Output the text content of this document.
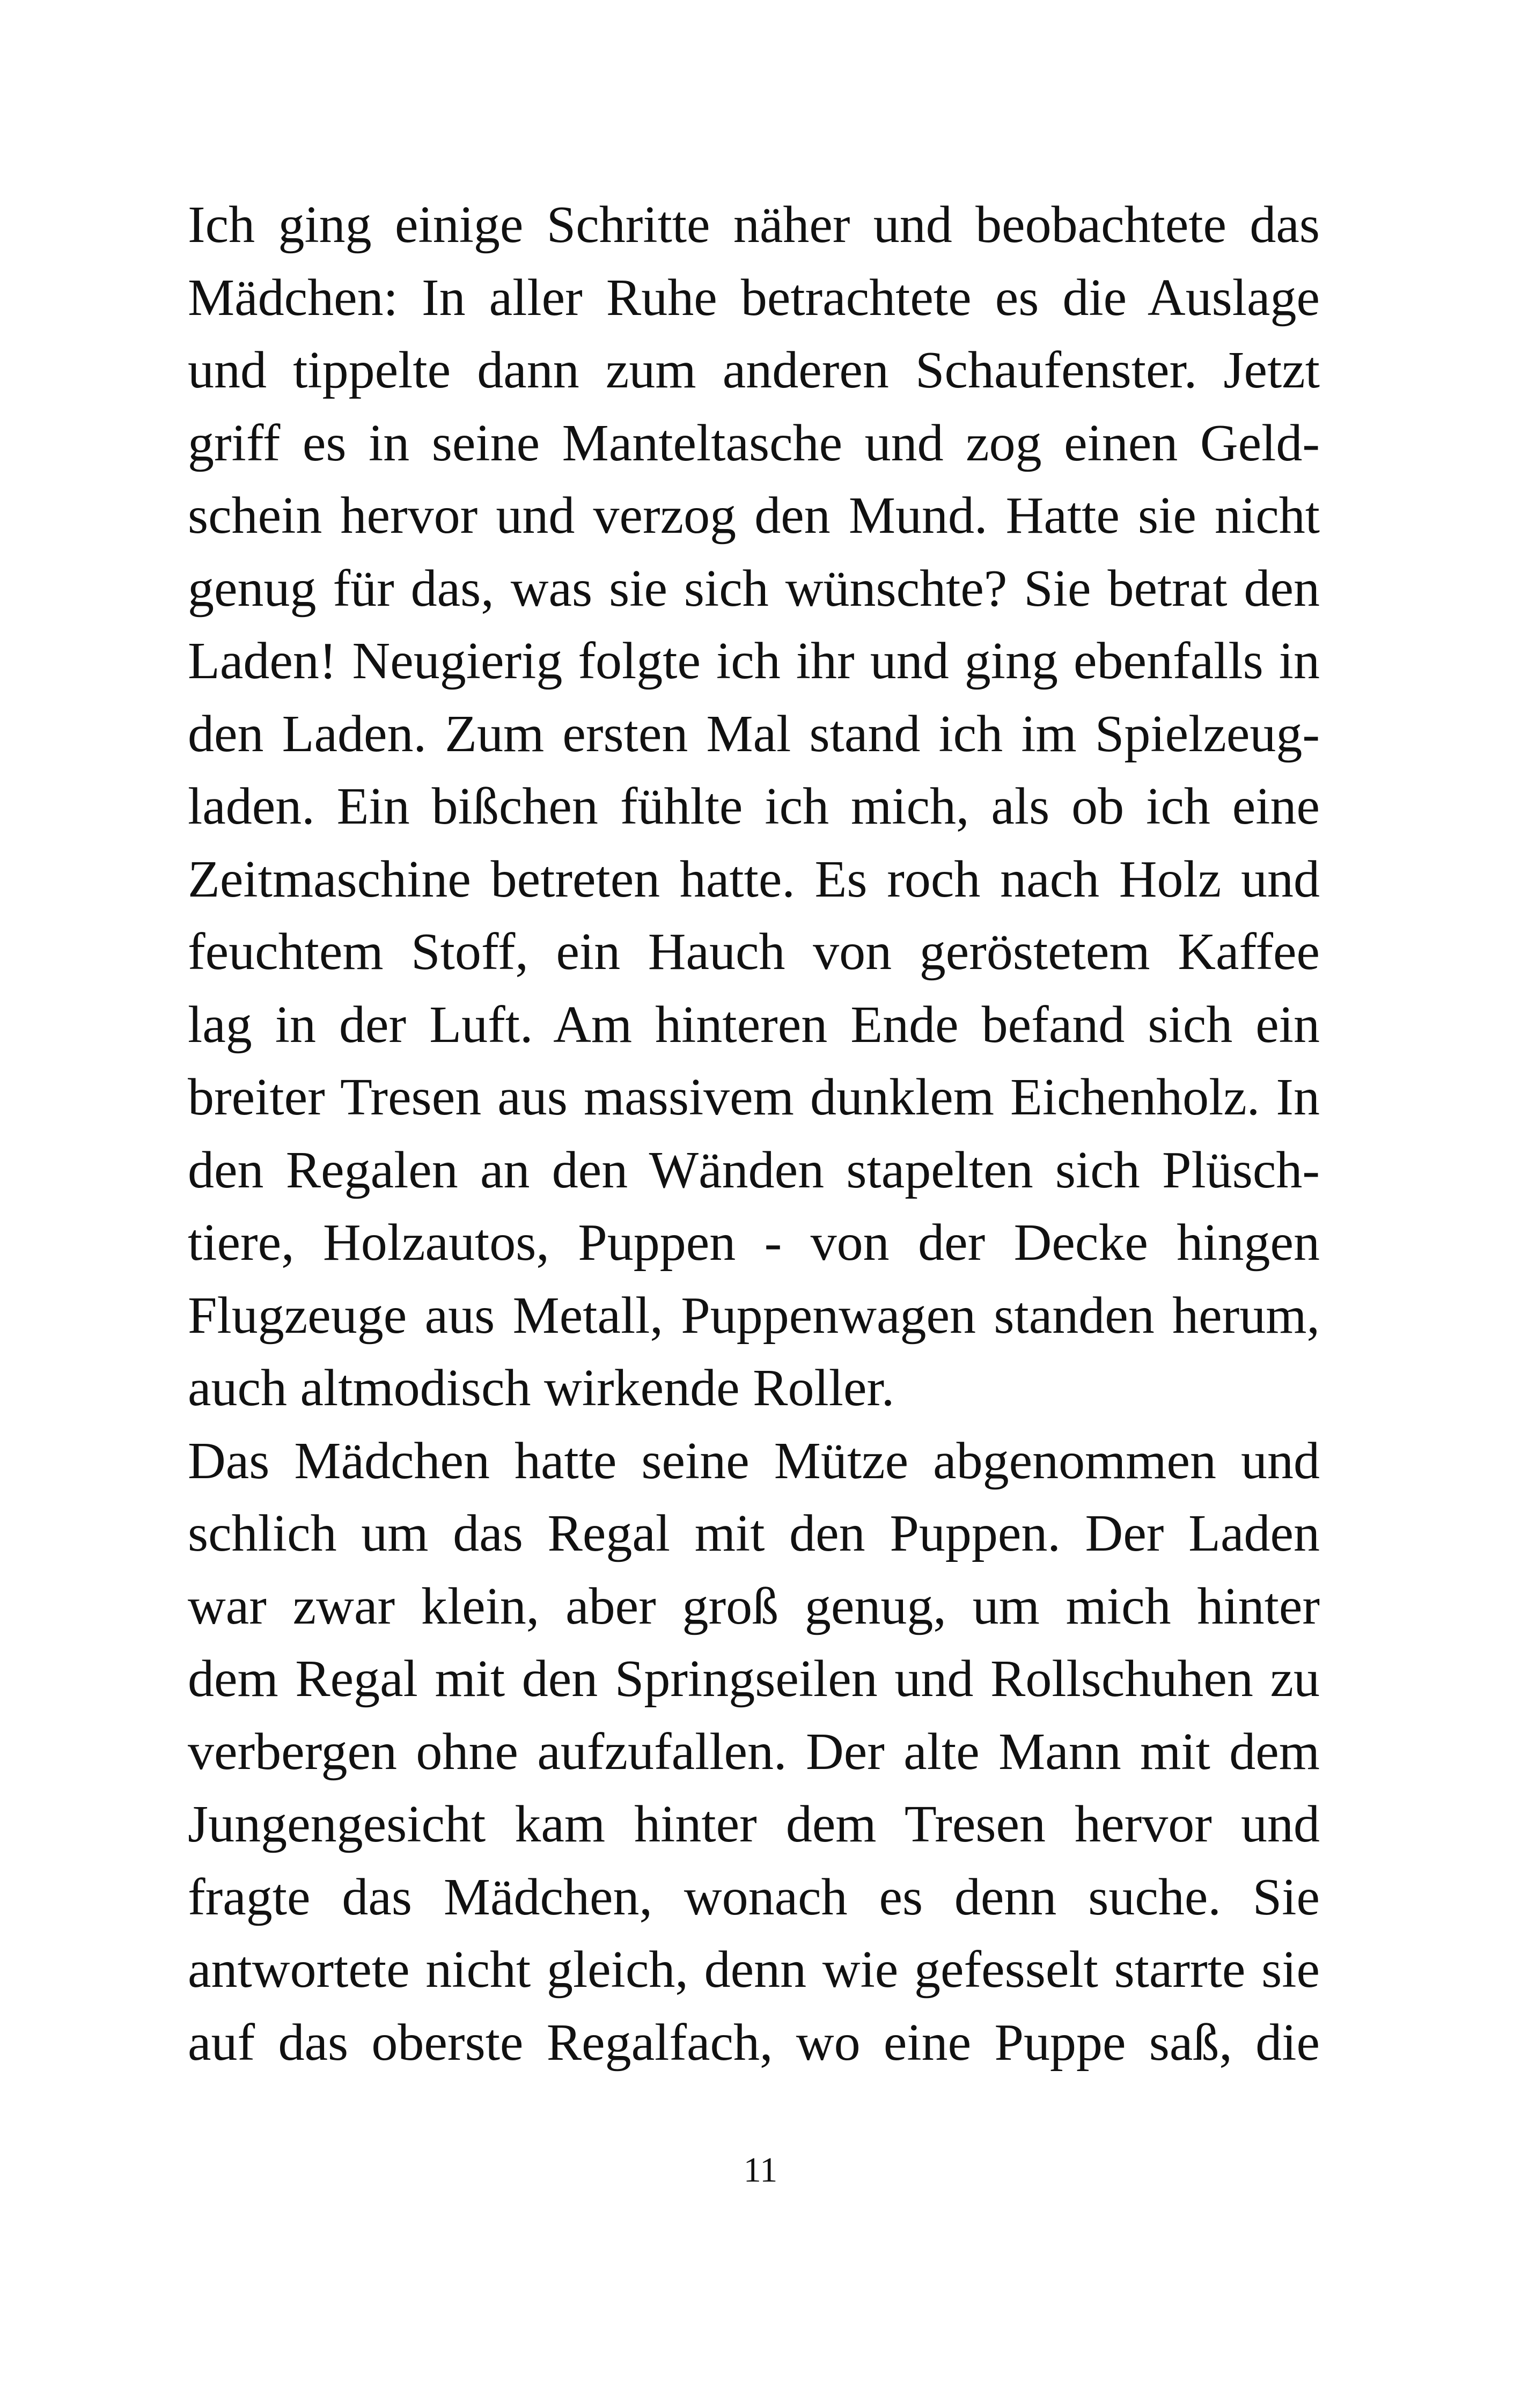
Ich ging einige Schritte näher und beobachtete das
Mädchen: In aller Ruhe betrachtete es die Auslage
und tippelte dann zum anderen Schaufenster. Jetzt
griff es in seine Manteltasche und zog einen Geld-
schein hervor und verzog den Mund. Hatte sie nicht
genug für das, was sie sich wünschte? Sie betrat den
Laden! Neugierig folgte ich ihr und ging ebenfalls in
den Laden. Zum ersten Mal stand ich im Spielzeug-
laden. Ein bißchen fühlte ich mich, als ob ich eine
Zeitmaschine betreten hatte. Es roch nach Holz und
feuchtem Stoff, ein Hauch von geröstetem Kaffee
lag in der Luft. Am hinteren Ende befand sich ein
breiter Tresen aus massivem dunklem Eichenholz. In
den Regalen an den Wänden stapelten sich Plüsch-
tiere, Holzautos, Puppen - von der Decke hingen
Flugzeuge aus Metall, Puppenwagen standen herum,
auch altmodisch wirkende Roller.

Das Mädchen hatte seine Mütze abgenommen und
schlich um das Regal mit den Puppen. Der Laden
war zwar klein, aber groß genug, um mich hinter
dem Regal mit den Springseilen und Rollschuhen zu
verbergen ohne aufzufallen. Der alte Mann mit dem
Jungengesicht kam hinter dem Tresen hervor und
fragte das Mädchen, wonach es denn suche. Sie
antwortete nicht gleich, denn wie gefesselt starrte sie
auf das oberste Regalfach, wo eine Puppe saß, die

11
